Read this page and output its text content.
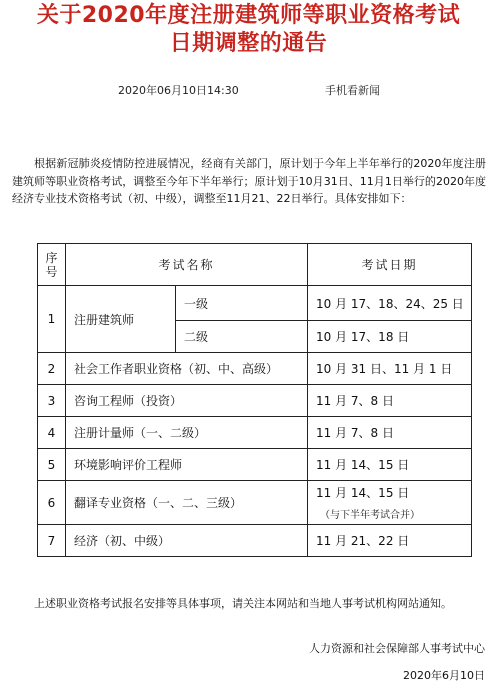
关于2020年度注册建筑师等职业资格考试
日期调整的通告
2020年06月10日14:30	手机看新闻

根据新冠肺炎疫情防控进展情况，经商有关部门，原计划于今年上半年举行的2020年度注册建筑师等职业资格考试，调整至今年下半年举行；原计划于10月31日、11月1日举行的2020年度经济专业技术资格考试（初、中级），调整至11月21、22日举行。具体安排如下：

序号	考试名称		考试日期
1	注册建筑师	一级	10 月 17、18、24、25 日
		二级	10 月 17、18 日
2	社会工作者职业资格（初、中、高级）		10 月 31 日、11 月 1 日
3	咨询工程师（投资）		11 月 7、8 日
4	注册计量师（一、二级）		11 月 7、8 日
5	环境影响评价工程师		11 月 14、15 日
6	翻译专业资格（一、二、三级）		11 月 14、15 日
（与下半年考试合并）

7	经济（初、中级）		11 月 21、22 日

上述职业资格考试报名安排等具体事项，请关注本网站和当地人事考试机构网站通知。

人力资源和社会保障部人事考试中心
2020年6月10日
